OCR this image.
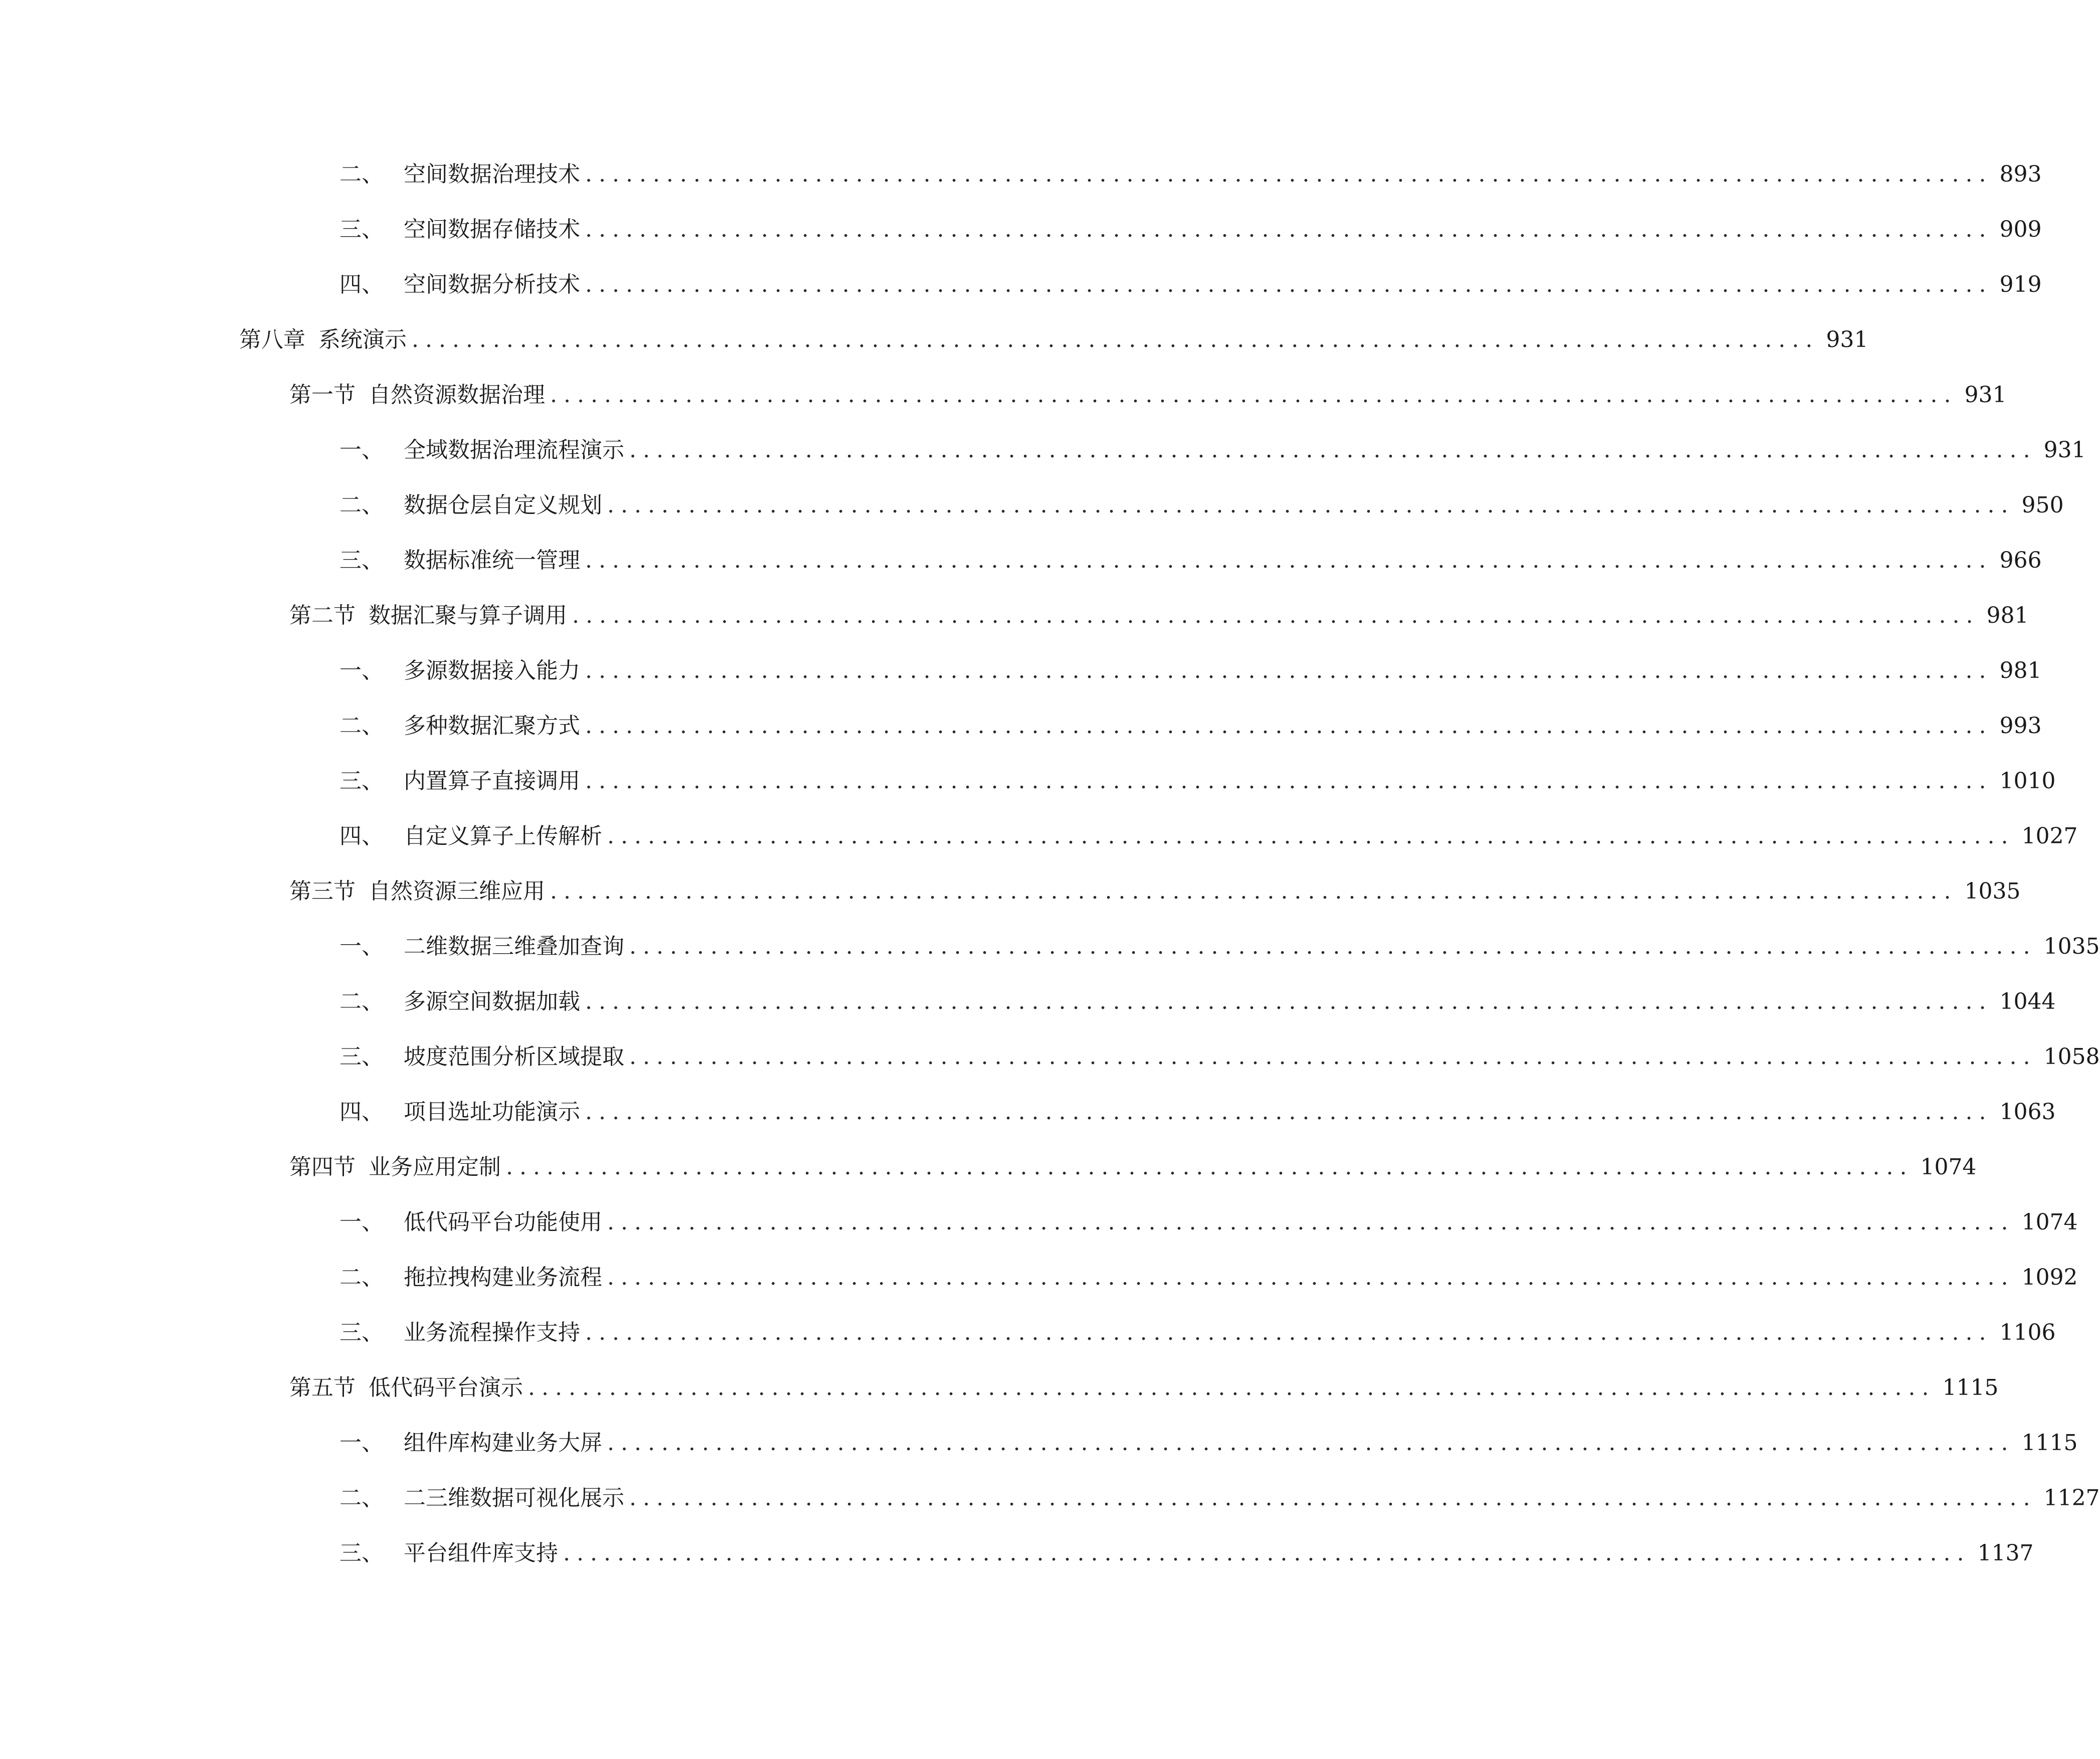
二、 空间数据治理技术 ........................................................................................................ 893
三、 空间数据存储技术 ........................................................................................................ 909
四、 空间数据分析技术 ........................................................................................................ 919
第八章 系统演示 ........................................................................................................ 931
第一节 自然资源数据治理 ........................................................................................................ 931
一、 全域数据治理流程演示 ........................................................................................................ 931
二、 数据仓层自定义规划 ........................................................................................................ 950
三、 数据标准统一管理 ........................................................................................................ 966
第二节 数据汇聚与算子调用 ........................................................................................................ 981
一、 多源数据接入能力 ........................................................................................................ 981
二、 多种数据汇聚方式 ........................................................................................................ 993
三、 内置算子直接调用 ........................................................................................................ 1010
四、 自定义算子上传解析 ........................................................................................................ 1027
第三节 自然资源三维应用 ........................................................................................................ 1035
一、 二维数据三维叠加查询 ........................................................................................................ 1035
二、 多源空间数据加载 ........................................................................................................ 1044
三、 坡度范围分析区域提取 ........................................................................................................ 1058
四、 项目选址功能演示 ........................................................................................................ 1063
第四节 业务应用定制 ........................................................................................................ 1074
一、 低代码平台功能使用 ........................................................................................................ 1074
二、 拖拉拽构建业务流程 ........................................................................................................ 1092
三、 业务流程操作支持 ........................................................................................................ 1106
第五节 低代码平台演示 ........................................................................................................ 1115
一、 组件库构建业务大屏 ........................................................................................................ 1115
二、 二三维数据可视化展示 ........................................................................................................ 1127
三、 平台组件库支持 ........................................................................................................ 1137
